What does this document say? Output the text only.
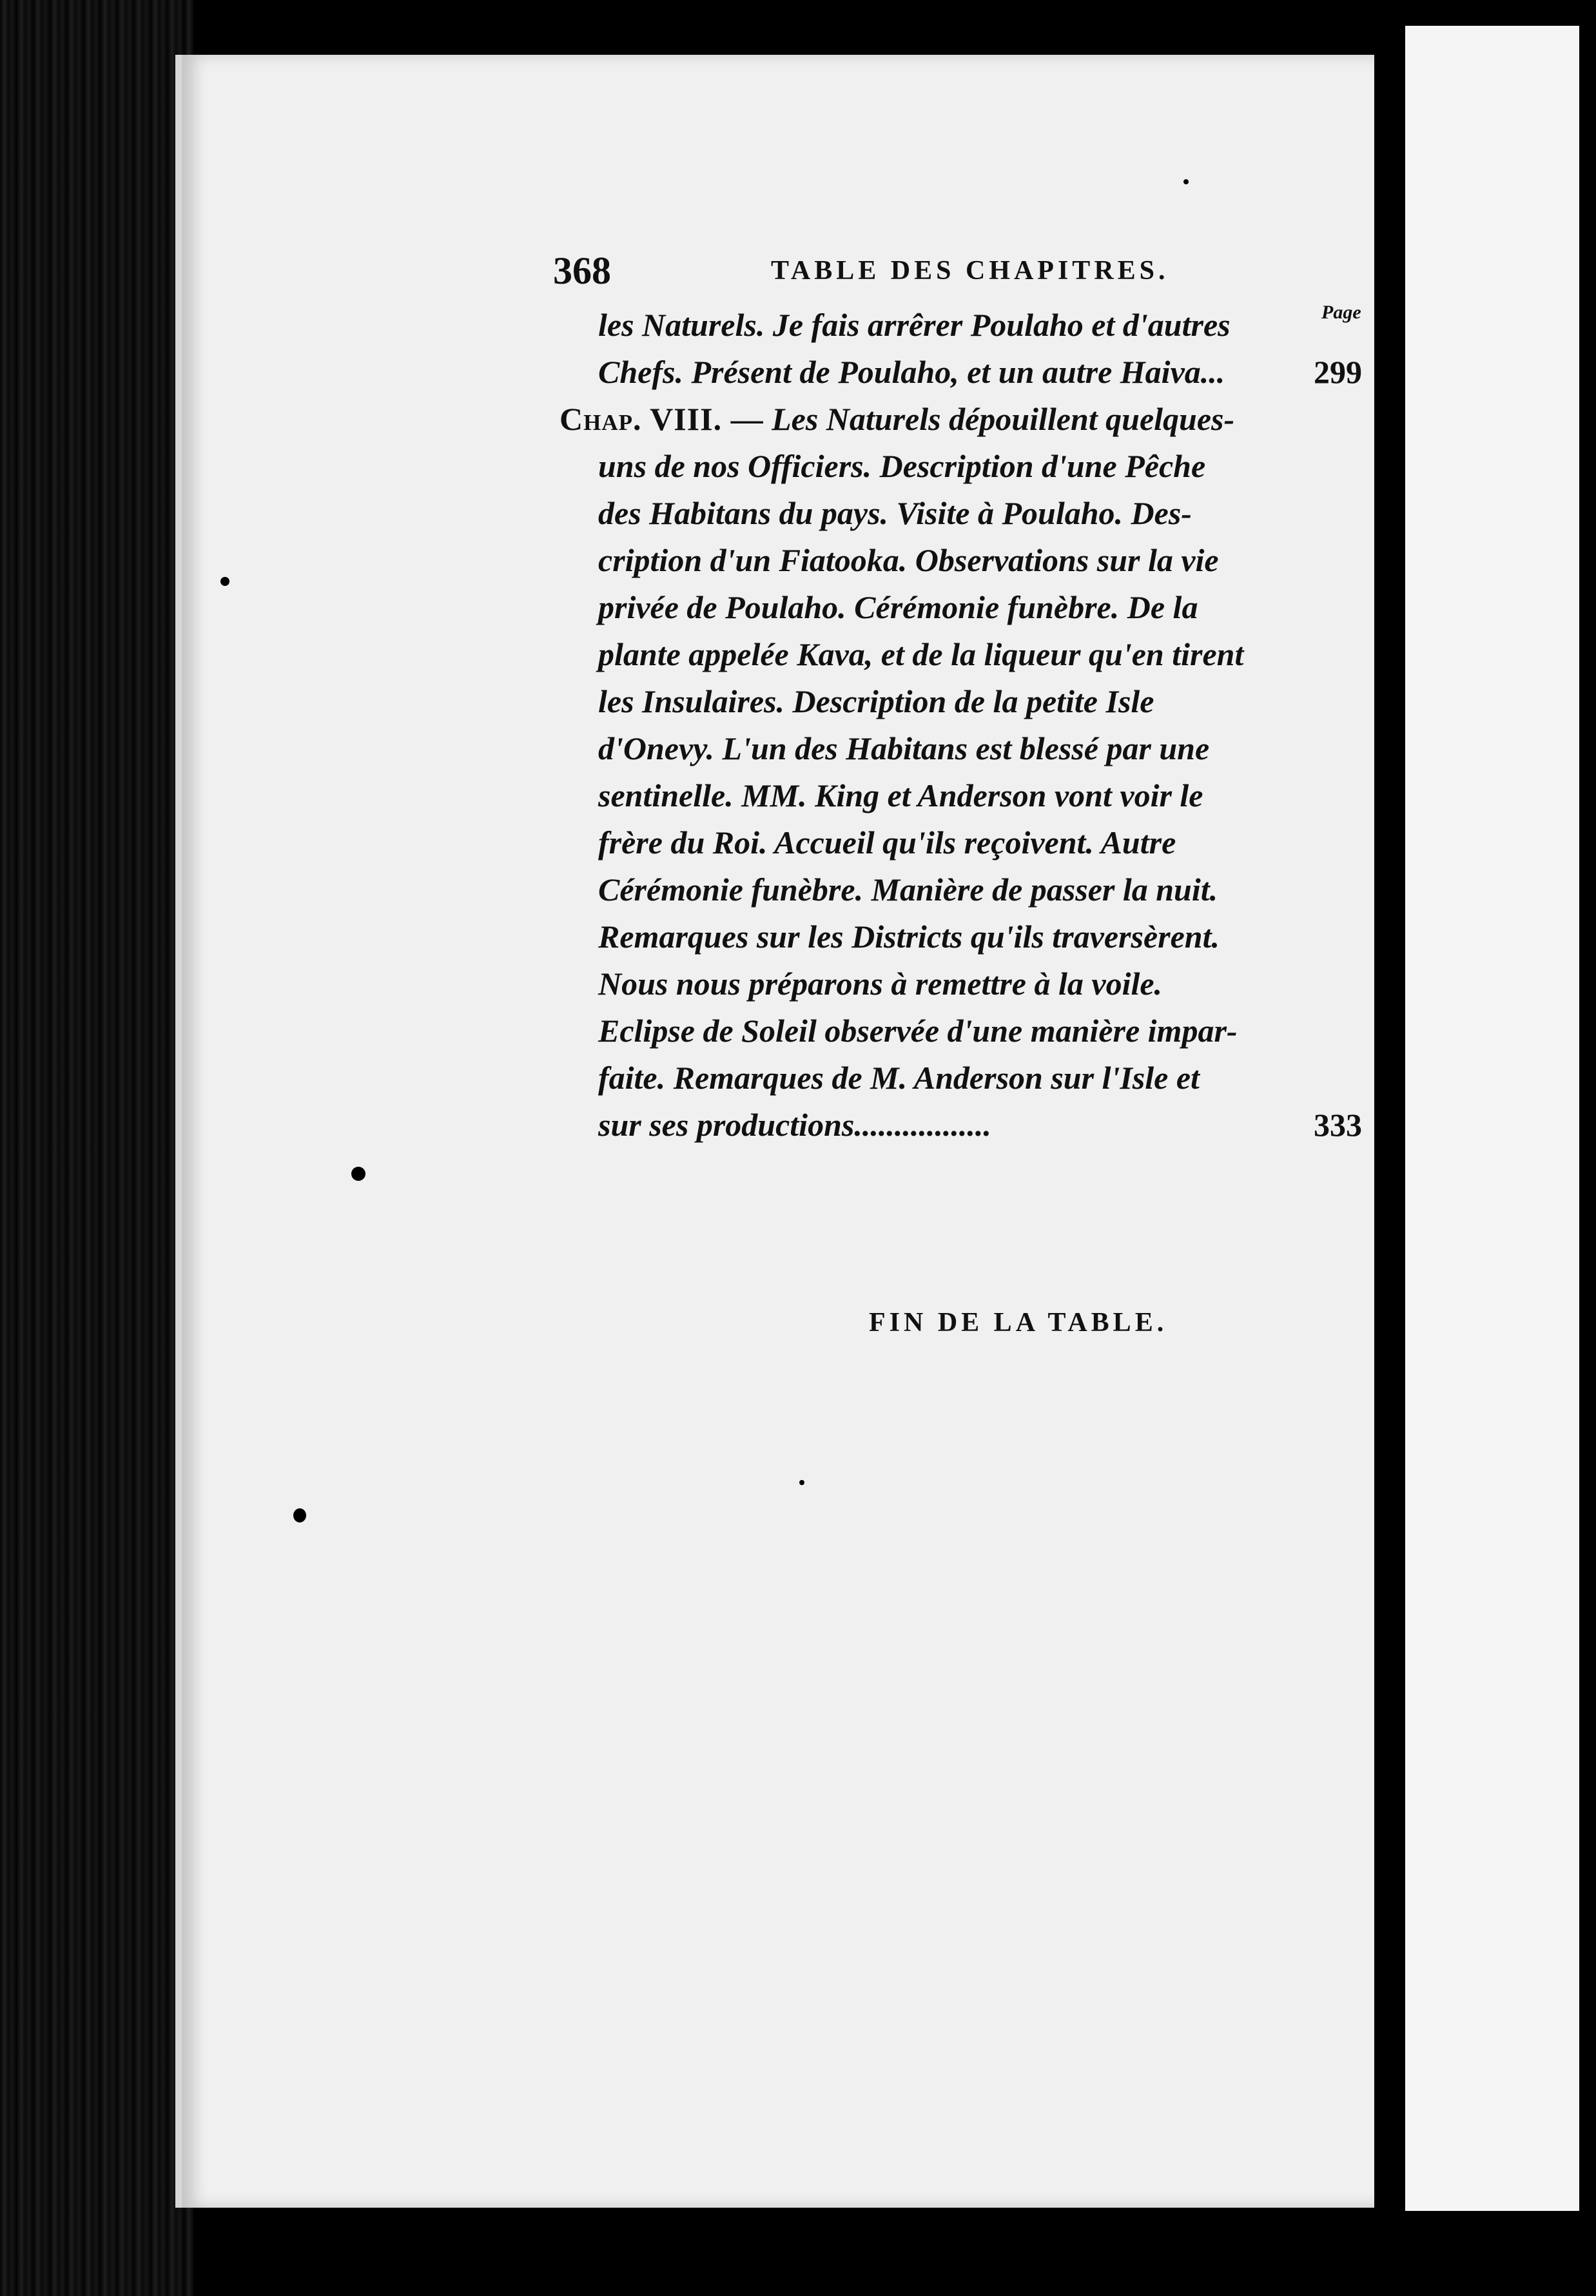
368	TABLE DES CHAPITRES.
Page
les Naturels. Je fais arrêrer Poulaho et d'autres
Chefs. Présent de Poulaho, et un autre Haiva...	299
Chap. VIII. — Les Naturels dépouillent quelques-
uns de nos Officiers. Description d'une Pêche
des Habitans du pays. Visite à Poulaho. Des-
cription d'un Fiatooka. Observations sur la vie
privée de Poulaho. Cérémonie funèbre. De la
plante appelée Kava, et de la liqueur qu'en tirent
les Insulaires. Description de la petite Isle
d'Onevy. L'un des Habitans est blessé par une
sentinelle. MM. King et Anderson vont voir le
frère du Roi. Accueil qu'ils reçoivent. Autre
Cérémonie funèbre. Manière de passer la nuit.
Remarques sur les Districts qu'ils traversèrent.
Nous nous préparons à remettre à la voile.
Eclipse de Soleil observée d'une manière impar-
faite. Remarques de M. Anderson sur l'Isle et
sur ses productions.................	333
FIN DE LA TABLE.
